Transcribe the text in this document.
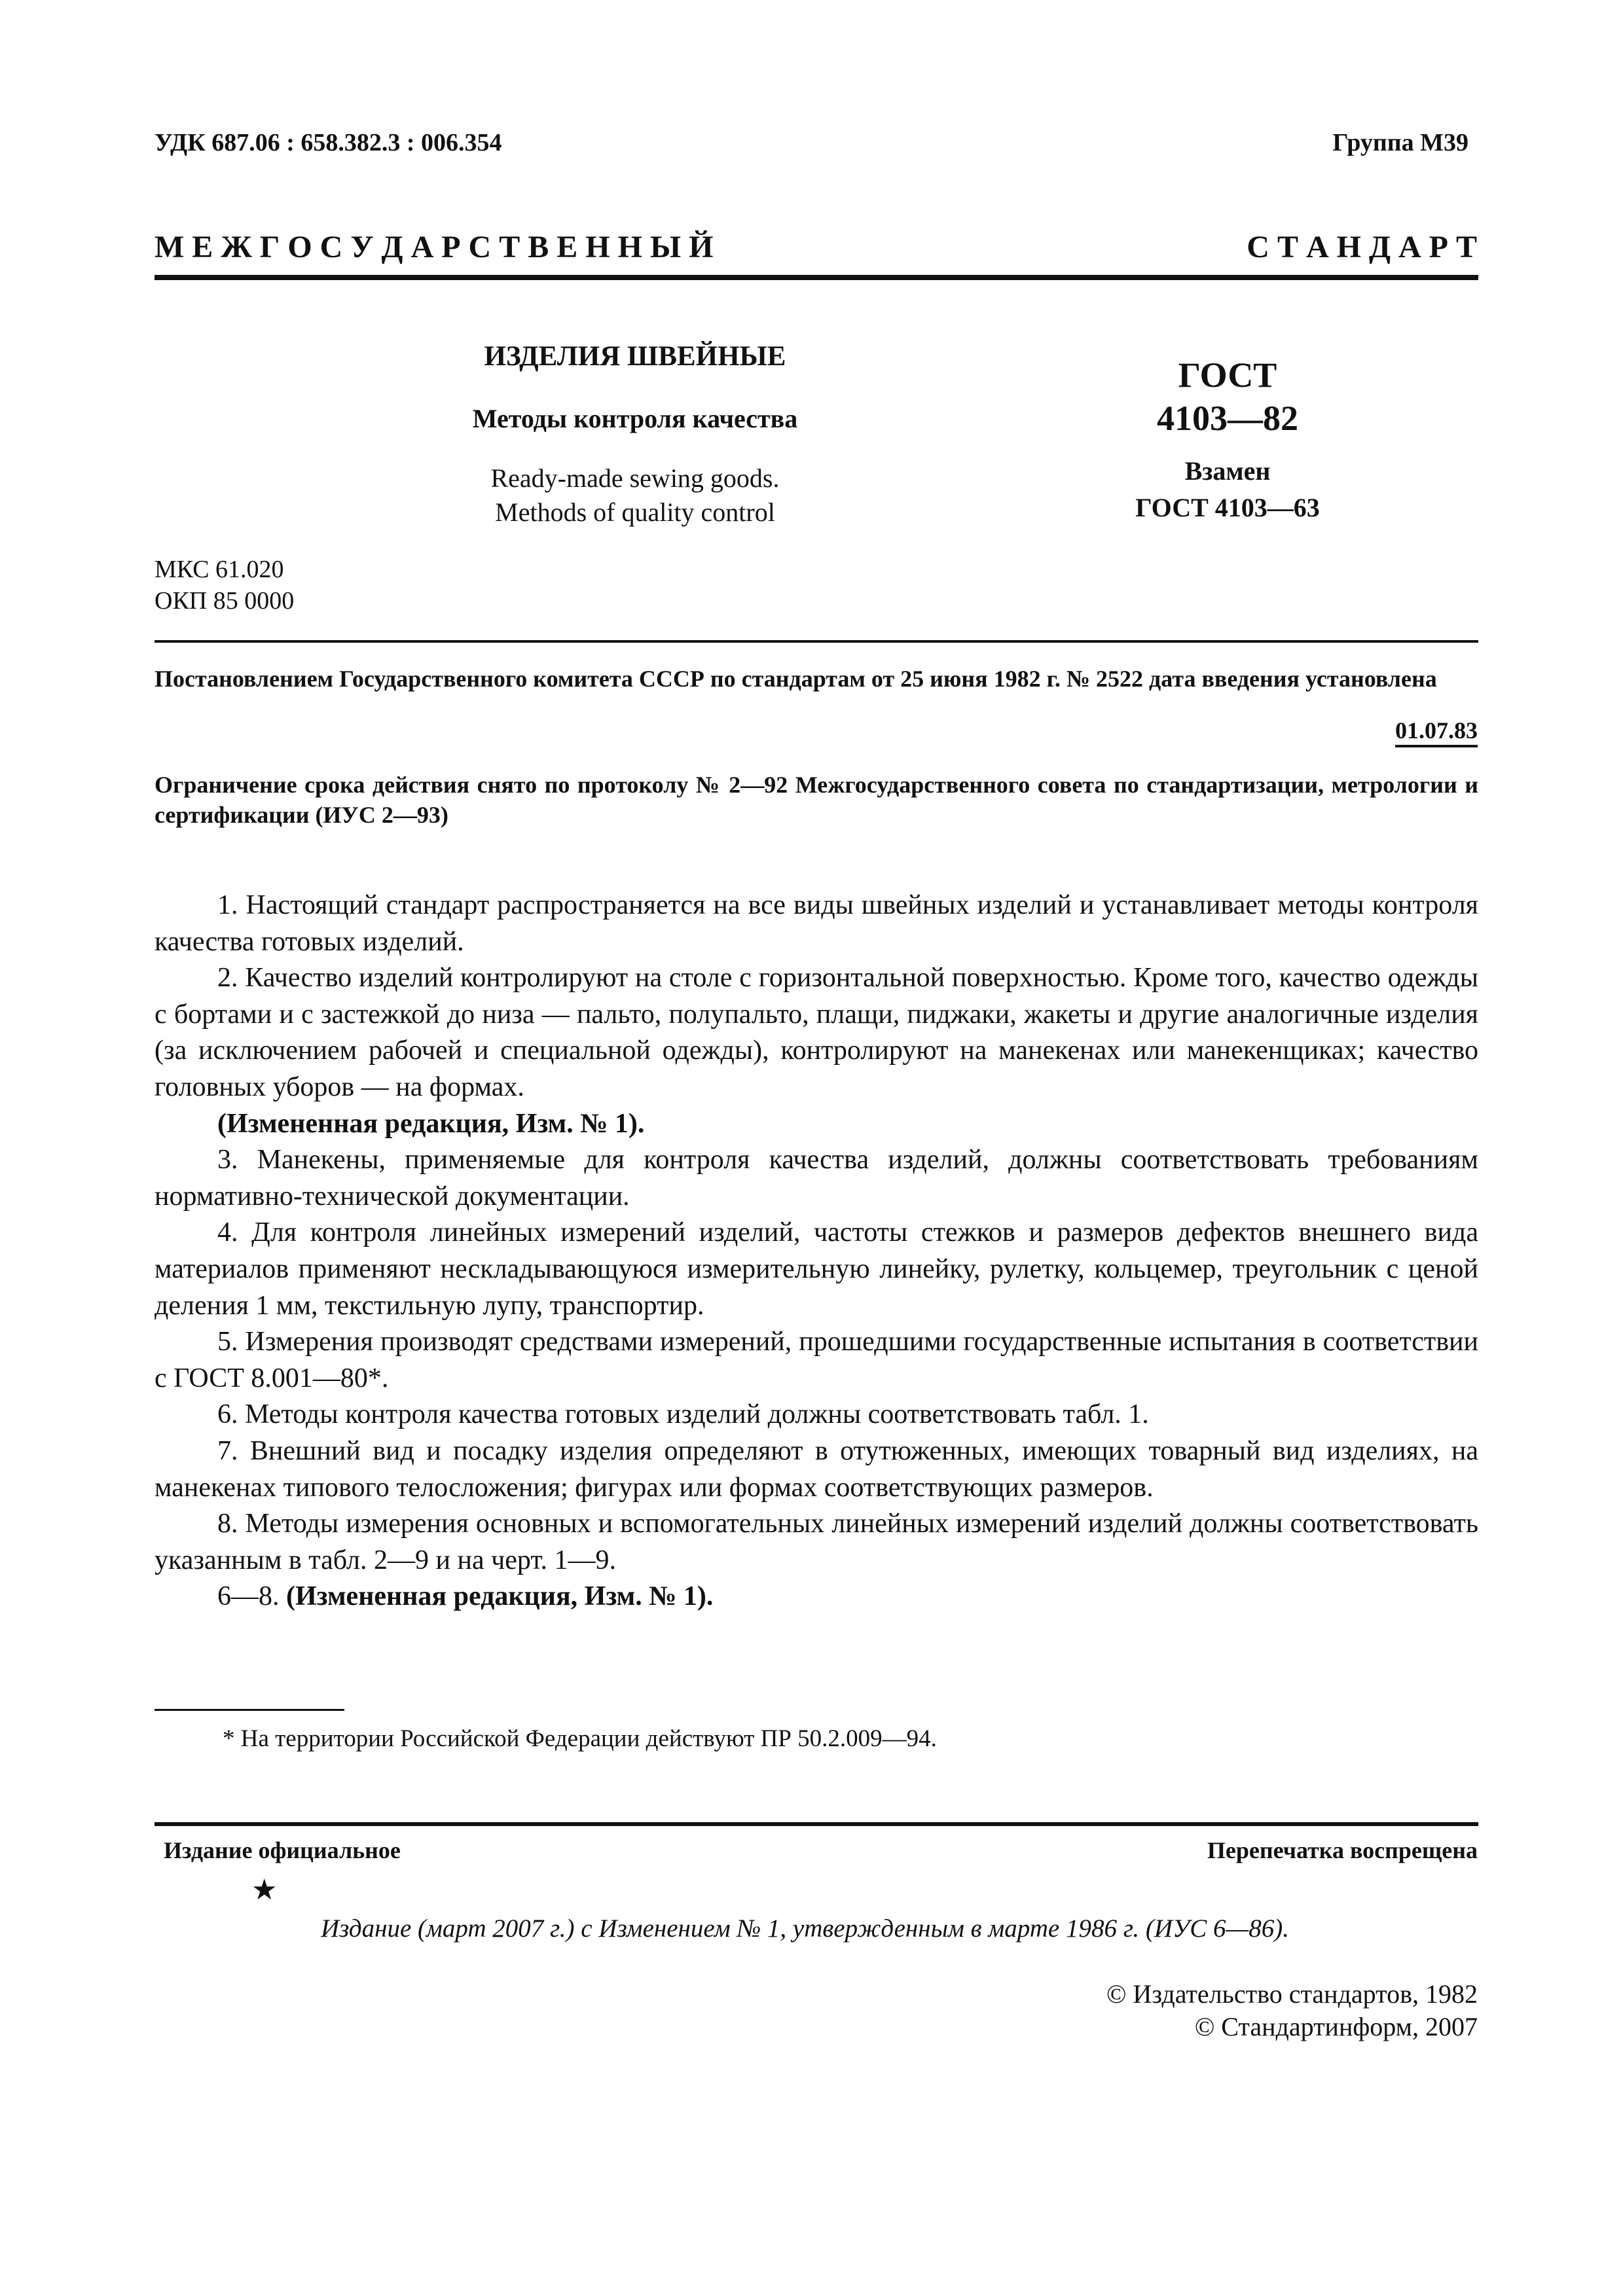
УДК 687.06 : 658.382.3 : 006.354	Группа М39
М Е Ж Г О С У Д А Р С Т В Е Н Н Ы Й	С Т А Н Д А Р Т
ИЗДЕЛИЯ ШВЕЙНЫЕ
Методы контроля качества
Ready-made sewing goods.
Methods of quality control
ГОСТ
4103—82
Взамен
ГОСТ 4103—63
МКС 61.020
ОКП 85 0000
Постановлением Государственного комитета СССР по стандартам от 25 июня 1982 г. № 2522 дата введения установлена
01.07.83
Ограничение срока действия снято по протоколу № 2—92 Межгосударственного совета по стандартизации, метрологии и сертификации (ИУС 2—93)

1. Настоящий стандарт распространяется на все виды швейных изделий и устанавливает методы контроля качества готовых изделий.

2. Качество изделий контролируют на столе с горизонтальной поверхностью. Кроме того, качество одежды с бортами и с застежкой до низа — пальто, полупальто, плащи, пиджаки, жакеты и другие аналогичные изделия (за исключением рабочей и специальной одежды), контролируют на манекенах или манекенщиках; качество головных уборов — на формах.

(Измененная редакция, Изм. № 1).

3. Манекены, применяемые для контроля качества изделий, должны соответствовать требованиям нормативно-технической документации.

4. Для контроля линейных измерений изделий, частоты стежков и размеров дефектов внешнего вида материалов применяют нескладывающуюся измерительную линейку, рулетку, кольцемер, треугольник с ценой деления 1 мм, текстильную лупу, транспортир.

5. Измерения производят средствами измерений, прошедшими государственные испытания в соответствии с ГОСТ 8.001—80*.

6. Методы контроля качества готовых изделий должны соответствовать табл. 1.

7. Внешний вид и посадку изделия определяют в отутюженных, имеющих товарный вид изделиях, на манекенах типового телосложения; фигурах или формах соответствующих размеров.

8. Методы измерения основных и вспомогательных линейных измерений изделий должны соответствовать указанным в табл. 2—9 и на черт. 1—9.

6—8. (Измененная редакция, Изм. № 1).

* На территории Российской Федерации действуют ПР 50.2.009—94.
Издание официальное	Перепечатка воспрещена
★
Издание (март 2007 г.) с Изменением № 1, утвержденным в марте 1986 г. (ИУС 6—86).
© Издательство стандартов, 1982
© Стандартинформ, 2007
